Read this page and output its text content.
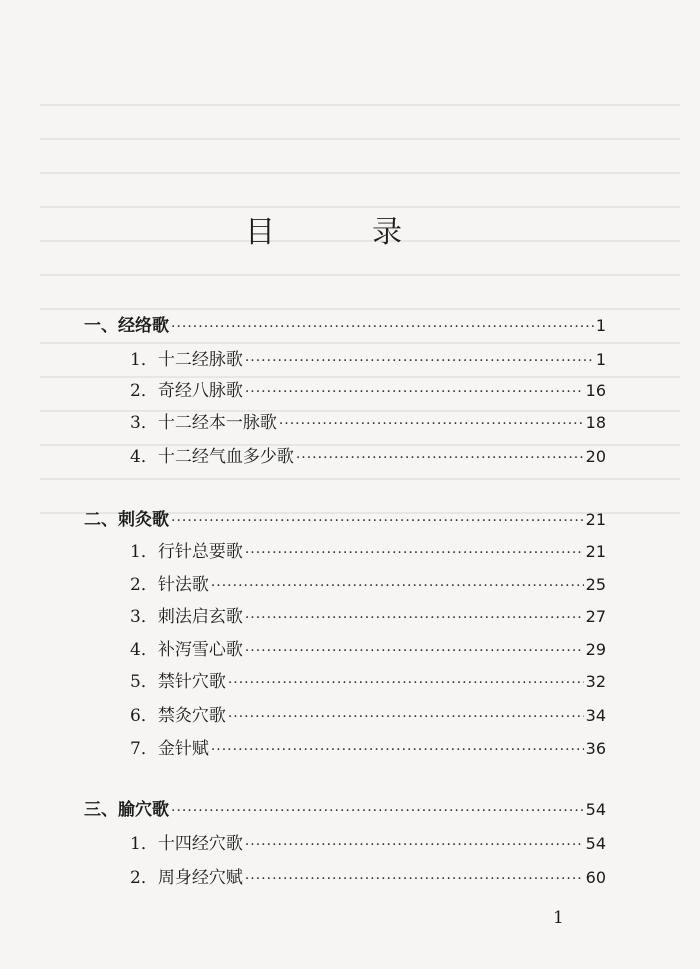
目	录
一、经络歌 ·····	1
1．十二经脉歌 ·····	1
2．奇经八脉歌 ·····	16
3．十二经本一脉歌 ·····	18
4．十二经气血多少歌 ·····	20
二、刺灸歌 ·····	21
1．行针总要歌 ·····	21
2．针法歌 ·····	25
3．刺法启玄歌 ·····	27
4．补泻雪心歌 ·····	29
5．禁针穴歌 ·····	32
6．禁灸穴歌 ·····	34
7．金针赋 ·····	36
三、腧穴歌 ·····	54
1．十四经穴歌 ·····	54
2．周身经穴赋 ·····	60
1
